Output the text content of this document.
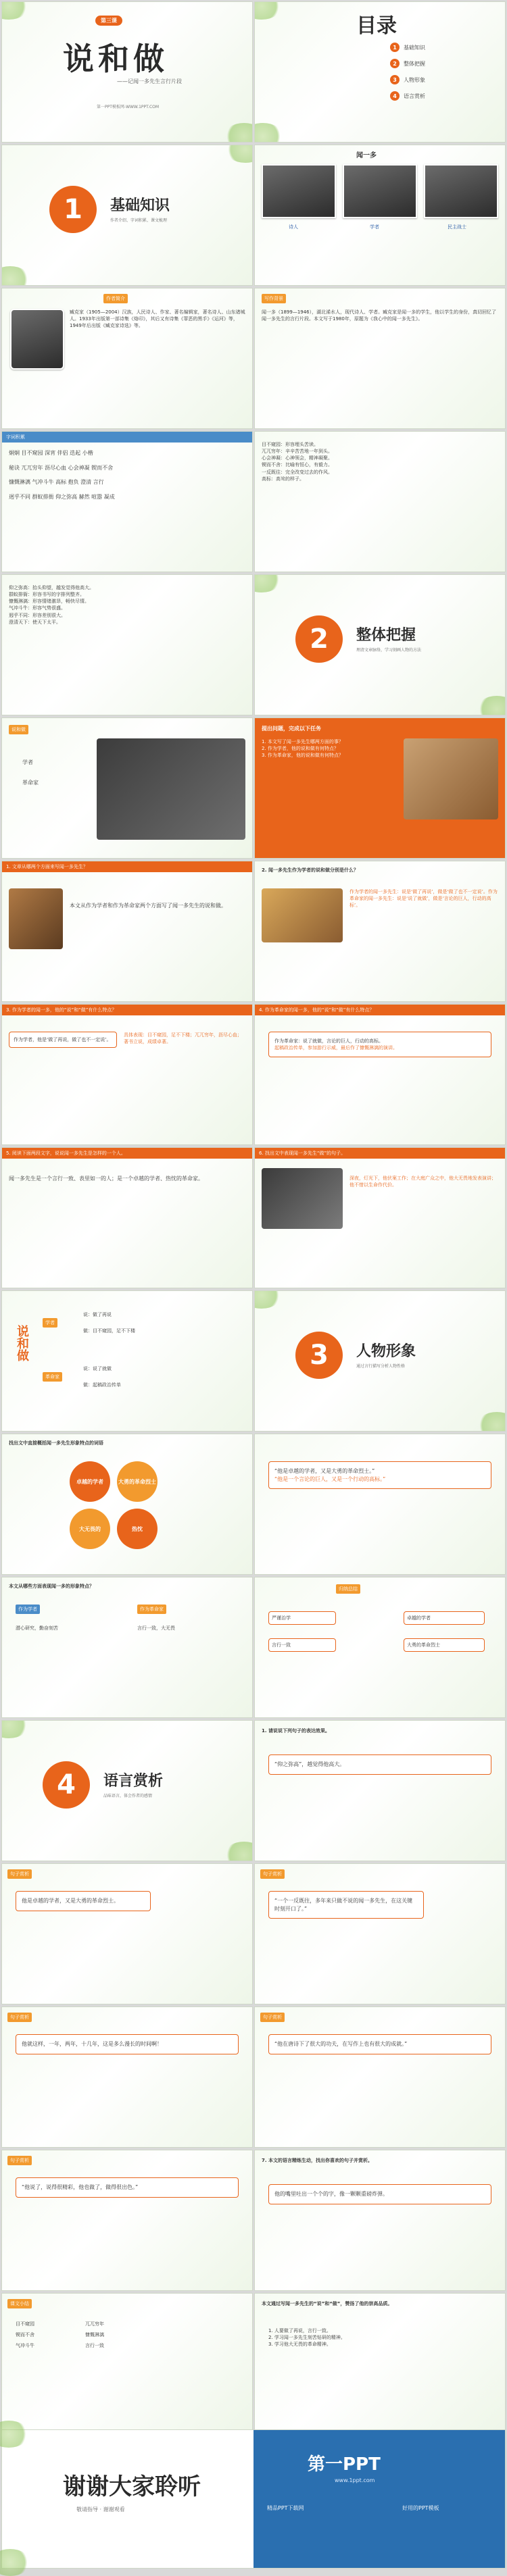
第三课
说和做
——记闻一多先生言行片段
第一PPT模板网-WWW.1PPT.COM
目录
1	基础知识
2	整体把握
3	人物形象
4	语言赏析
闻一多
诗人	学者	民主战士
1	基础知识
作者介绍、字词积累、课文梳理
作者简介
臧克家（1905—2004）汉族，人民诗人、作家、著名编辑家，著名诗人、山东诸城人。1933年出版第一部诗集《烙印》，其后又有诗集《罪恶的黑手》《运河》等，1949年后出版《臧克家诗选》等。
写作背景
闻一多（1899—1946），湖北浠水人，现代诗人、学者。臧克家是闻一多的学生，他以学生的身份，真切回忆了闻一多先生的言行片段。本文写于1980年，原题为《我心中的闻一多先生》。
字词积累
炯炯 目不窥园 深宵 伴侣 迭起 小楷
秘诀 兀兀穷年 沥尽心血 心会神凝 锲而不舍
慷慨淋漓 气冲斗牛 高标 抱负 澄清 言行
迥乎不同 群蚁排衙 仰之弥高 赫然 喧嚣 凝成
目不窥园：形容埋头苦读。
兀兀穷年：辛辛苦苦地一年到头。
心会神凝：心神领会，精神凝聚。
锲而不舍：比喻有恒心，有毅力。
一反既往：完全改变过去的作风。
高标：高耸的样子。
仰之弥高：抬头仰望，越发觉得他高大。
群蚁排衙：形容书写的字排列整齐。
慷慨淋漓：形容情绪激昂，畅快尽情。
气冲斗牛：形容气势很盛。
迥乎不同：形容差别很大。
澄清天下：使天下太平。
2	整体把握
理清文章脉络，学习刻画人物的方法
说和做
学者
革命家
提出问题，完成以下任务
1. 本文写了闻一多先生哪两方面的事？
2. 作为学者，他的说和做有何特点？
3. 作为革命家，他的说和做有何特点？
1. 文章从哪两个方面来写闻一多先生？
本文从作为学者和作为革命家两个方面写了闻一多先生的说和做。
2. 闻一多先生作为学者的说和做分别是什么？
作为学者的闻一多先生：说是‘做了再说’，做是‘做了也不一定说’。作为革命家的闻一多先生：说是‘说了就做’，做是‘言论的巨人，行动的高标’。
3. 作为学者的闻一多，他的“说”和“做”有什么特点？
作为学者，他是‘做了再说，做了也不一定说’。
具体表现：目不窥园，足不下楼；兀兀穷年，沥尽心血；著书立说，成绩卓著。
4. 作为革命家的闻一多，他的“说”和“做”有什么特点？
作为革命家：说了就做，言论的巨人，行动的高标。
起稿政治传单，参加游行示威，最后作了慷慨淋漓的演讲。
5. 阅读下面两段文字，说说闻一多先生是怎样的一个人。
闻一多先生是一个言行一致、表里如一的人；是一个卓越的学者、热忱的革命家。
6. 找出文中表现闻一多先生“做”的句子。
深夜，灯光下，他伏案工作；在大庭广众之中，他大无畏地发表演讲；他不惜以生命作代价。
说和做
学者
革命家
说：做了再说
做：目不窥园，足不下楼
说：说了就做
做：起稿政治传单
3	人物形象
通过言行描写分析人物性格
找出文中直接概括闻一多先生形象特点的词语
卓越的学者	大勇的革命烈士
大无畏的	热忱
“他是卓越的学者，又是大勇的革命烈士。”
“他是一个言论的巨人，又是一个行动的高标。”
本文从哪些方面表现闻一多的形象特点？
作为学者	作为革命家
潜心研究，勤奋刻苦	言行一致，大无畏
归纳总结
严谨治学
言行一致
卓越的学者
大勇的革命烈士
4	语言赏析
品味语言，体会作者的感情
1. 请说说下列句子的表达效果。
“仰之弥高”，越觉得他高大。
句子赏析
他是卓越的学者，又是大勇的革命烈士。
句子赏析
“一个一反既往，多年来只做不说的闻一多先生，在这关键时刻开口了。”
句子赏析
他就这样，一年，两年，十几年，这是多么漫长的时间啊！
句子赏析
“他在唐诗下了很大的功夫，在写作上也有很大的成就。”
句子赏析
“他说了，说得很精彩，他也做了，做得很出色。”
7. 本文的语言精练生动，找出你喜欢的句子并赏析。
他的嘴里吐出一个个的字，像一颗颗重磅炸弹。
课文小结
目不窥园	兀兀穷年
锲而不舍	慷慨淋漓
气冲斗牛	言行一致
本文通过写闻一多先生的“说”和“做”，赞扬了他的崇高品质。
1. 人要做了再说，言行一致。
2. 学习闻一多先生刻苦钻研的精神。
3. 学习他大无畏的革命精神。
谢谢大家聆听
敬请指导 · 谢谢观看
第一PPT
www.1ppt.com
精品PPT下载网	好用的PPT模板
